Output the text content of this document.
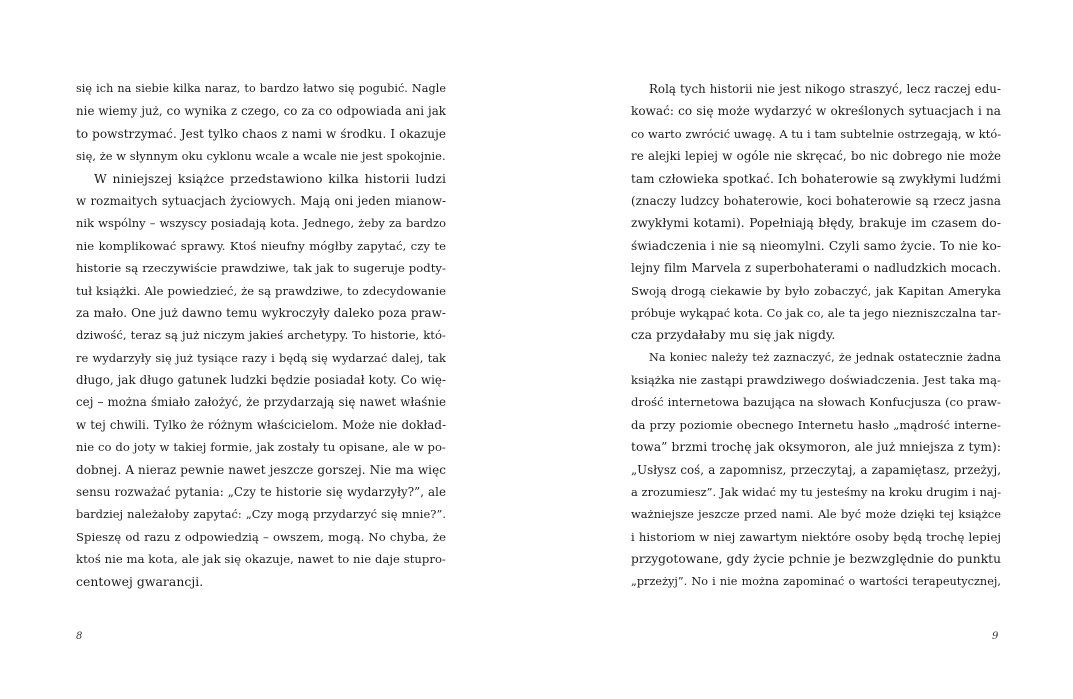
się ich na siebie kilka naraz, to bardzo łatwo się pogubić. Nagle
nie wiemy już, co wynika z czego, co za co odpowiada ani jak
to powstrzymać. Jest tylko chaos z nami w środku. I okazuje
się, że w słynnym oku cyklonu wcale a wcale nie jest spokojnie.
W niniejszej książce przedstawiono kilka historii ludzi
w rozmaitych sytuacjach życiowych. Mają oni jeden mianow-
nik wspólny – wszyscy posiadają kota. Jednego, żeby za bardzo
nie komplikować sprawy. Ktoś nieufny mógłby zapytać, czy te
historie są rzeczywiście prawdziwe, tak jak to sugeruje podty-
tuł książki. Ale powiedzieć, że są prawdziwe, to zdecydowanie
za mało. One już dawno temu wykroczyły daleko poza praw-
dziwość, teraz są już niczym jakieś archetypy. To historie, któ-
re wydarzyły się już tysiące razy i będą się wydarzać dalej, tak
długo, jak długo gatunek ludzki będzie posiadał koty. Co wię-
cej – można śmiało założyć, że przydarzają się nawet właśnie
w tej chwili. Tylko że różnym właścicielom. Może nie dokład-
nie co do joty w takiej formie, jak zostały tu opisane, ale w po-
dobnej. A nieraz pewnie nawet jeszcze gorszej. Nie ma więc
sensu rozważać pytania: „Czy te historie się wydarzyły?”, ale
bardziej należałoby zapytać: „Czy mogą przydarzyć się mnie?”.
Spieszę od razu z odpowiedzią – owszem, mogą. No chyba, że
ktoś nie ma kota, ale jak się okazuje, nawet to nie daje stupro-
centowej gwarancji.
Rolą tych historii nie jest nikogo straszyć, lecz raczej edu-
kować: co się może wydarzyć w określonych sytuacjach i na
co warto zwrócić uwagę. A tu i tam subtelnie ostrzegają, w któ-
re alejki lepiej w ogóle nie skręcać, bo nic dobrego nie może
tam człowieka spotkać. Ich bohaterowie są zwykłymi ludźmi
(znaczy ludzcy bohaterowie, koci bohaterowie są rzecz jasna
zwykłymi kotami). Popełniają błędy, brakuje im czasem do-
świadczenia i nie są nieomylni. Czyli samo życie. To nie ko-
lejny film Marvela z superbohaterami o nadludzkich mocach.
Swoją drogą ciekawie by było zobaczyć, jak Kapitan Ameryka
próbuje wykąpać kota. Co jak co, ale ta jego niezniszczalna tar-
cza przydałaby mu się jak nigdy.
Na koniec należy też zaznaczyć, że jednak ostatecznie żadna
książka nie zastąpi prawdziwego doświadczenia. Jest taka mą-
drość internetowa bazująca na słowach Konfucjusza (co praw-
da przy poziomie obecnego Internetu hasło „mądrość interne-
towa” brzmi trochę jak oksymoron, ale już mniejsza z tym):
„Usłysz coś, a zapomnisz, przeczytaj, a zapamiętasz, przeżyj,
a zrozumiesz”. Jak widać my tu jesteśmy na kroku drugim i naj-
ważniejsze jeszcze przed nami. Ale być może dzięki tej książce
i historiom w niej zawartym niektóre osoby będą trochę lepiej
przygotowane, gdy życie pchnie je bezwzględnie do punktu
„przeżyj”. No i nie można zapominać o wartości terapeutycznej,
8	9
